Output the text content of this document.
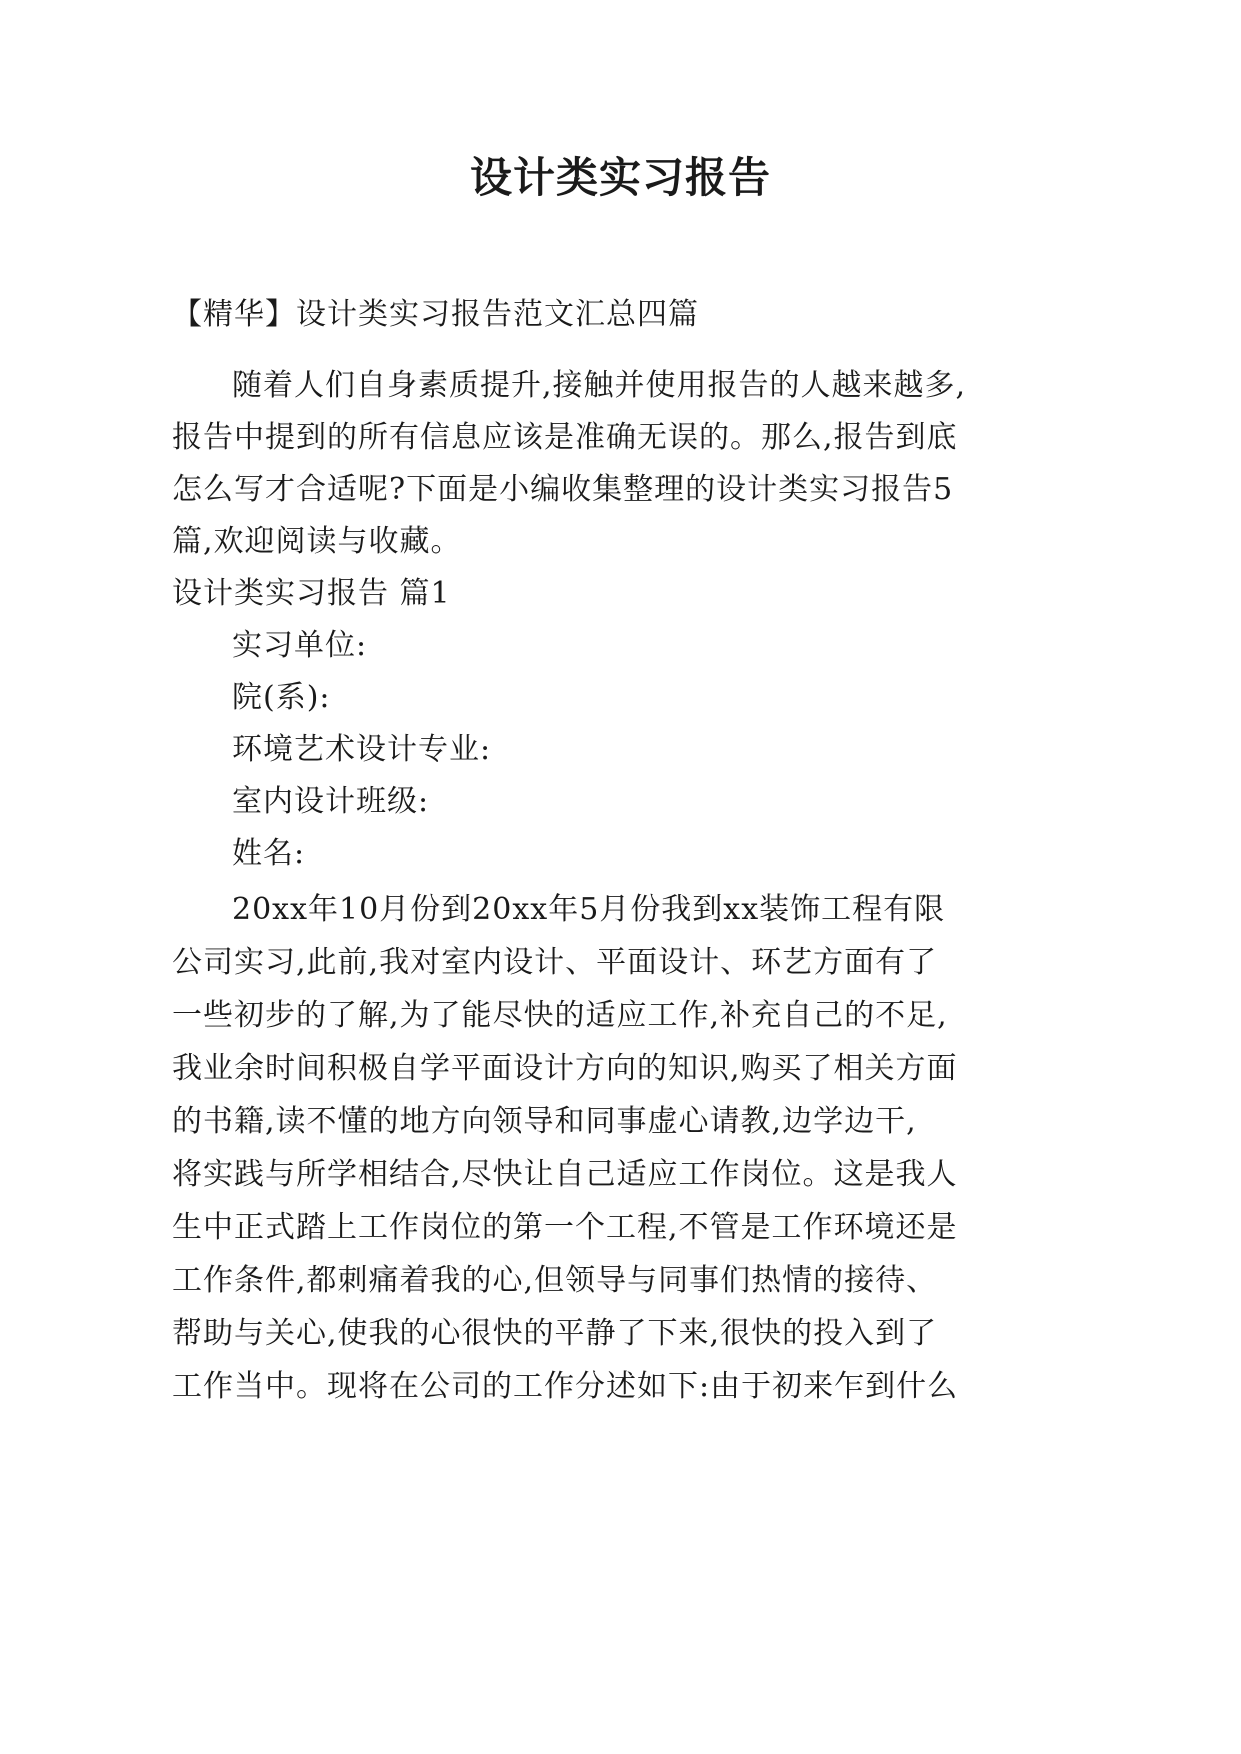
设计类实习报告
【精华】设计类实习报告范文汇总四篇
随着人们自身素质提升,接触并使用报告的人越来越多,
报告中提到的所有信息应该是准确无误的。那么,报告到底
怎么写才合适呢?下面是小编收集整理的设计类实习报告5
篇,欢迎阅读与收藏。
设计类实习报告 篇1
实习单位:
院(系):
环境艺术设计专业:
室内设计班级:
姓名:
20xx年10月份到20xx年5月份我到xx装饰工程有限
公司实习,此前,我对室内设计、平面设计、环艺方面有了
一些初步的了解,为了能尽快的适应工作,补充自己的不足,
我业余时间积极自学平面设计方向的知识,购买了相关方面
的书籍,读不懂的地方向领导和同事虚心请教,边学边干,
将实践与所学相结合,尽快让自己适应工作岗位。这是我人
生中正式踏上工作岗位的第一个工程,不管是工作环境还是
工作条件,都刺痛着我的心,但领导与同事们热情的接待、
帮助与关心,使我的心很快的平静了下来,很快的投入到了
工作当中。现将在公司的工作分述如下:由于初来乍到什么
